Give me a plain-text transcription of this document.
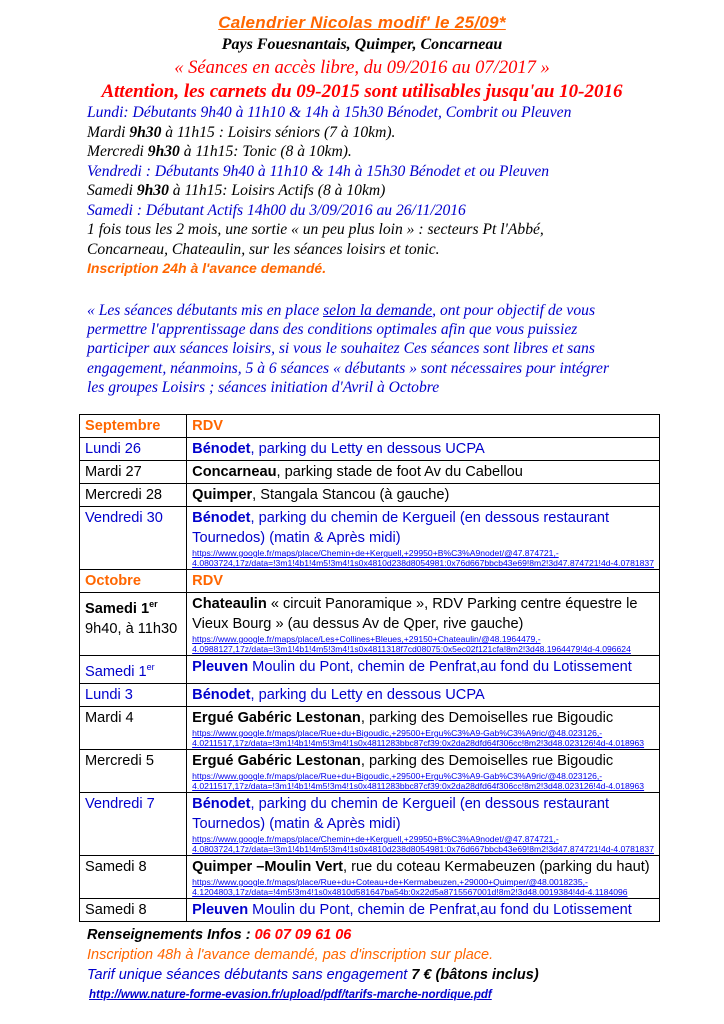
Calendrier Nicolas modif' le 25/09*
Pays Fouesnantais, Quimper, Concarneau
« Séances en accès libre, du 09/2016 au 07/2017 »
Attention, les carnets du 09-2015 sont utilisables jusqu'au 10-2016

Lundi: Débutants 9h40 à 11h10 & 14h à 15h30 Bénodet, Combrit ou Pleuven

Mardi 9h30 à 11h15 : Loisirs séniors (7 à 10km).

Mercredi 9h30 à 11h15: Tonic (8 à 10km).

Vendredi : Débutants 9h40 à 11h10 & 14h à 15h30 Bénodet et ou Pleuven

Samedi 9h30 à 11h15: Loisirs Actifs (8 à 10km)

Samedi : Débutant Actifs 14h00 du 3/09/2016 au 26/11/2016

1 fois tous les 2 mois, une sortie « un peu plus loin » : secteurs Pt l'Abbé,

Concarneau, Chateaulin, sur les séances loisirs et tonic.

Inscription 24h à l'avance demandé.

« Les séances débutants mis en place selon la demande, ont pour objectif de vous permettre l'apprentissage dans des conditions optimales afin que vous puissiez participer aux séances loisirs, si vous le souhaitez Ces séances sont libres et sans engagement, néanmoins, 5 à 6 séances « débutants » sont nécessaires pour intégrer les groupes Loisirs ; séances initiation d'Avril à Octobre
Septembre	RDV
Lundi 26	Bénodet, parking du Letty en dessous UCPA
Mardi 27	Concarneau, parking stade de foot Av du Cabellou
Mercredi 28	Quimper, Stangala Stancou (à gauche)
Vendredi 30	Bénodet, parking du chemin de Kergueil (en dessous restaurant Tournedos) (matin & Après midi)
https://www.google.fr/maps/place/Chemin+de+Kerguell,+29950+B%C3%A9nodet/@47.874721,-
4.0803724,17z/data=!3m1!4b1!4m5!3m4!1s0x4810d238d8054981:0x76d667bbcb43e69!8m2!3d47.874721!4d-4.0781837

Octobre	RDV
Samedi 1er
9h40, à 11h30	Chateaulin « circuit Panoramique », RDV Parking centre équestre le Vieux Bourg » (au dessus Av de Qper, rive gauche)
https://www.google.fr/maps/place/Les+Collines+Bleues,+29150+Chateaulin/@48.1964479,-
4.0988127,17z/data=!3m1!4b1!4m5!3m4!1s0x4811318f7cd08075:0x5ec02f121cfa!8m2!3d48.1964479!4d-4.096624

Samedi 1er	Pleuven Moulin du Pont, chemin de Penfrat,au fond du Lotissement
Lundi 3	Bénodet, parking du Letty en dessous UCPA
Mardi 4	Ergué Gabéric Lestonan, parking des Demoiselles rue Bigoudic
https://www.google.fr/maps/place/Rue+du+Bigoudic,+29500+Ergu%C3%A9-Gab%C3%A9ric/@48.023126,-
4.0211517,17z/data=!3m1!4b1!4m5!3m4!1s0x4811283bbc87cf39:0x2da28dfd64f306cc!8m2!3d48.023126!4d-4.018963

Mercredi 5	Ergué Gabéric Lestonan, parking des Demoiselles rue Bigoudic
https://www.google.fr/maps/place/Rue+du+Bigoudic,+29500+Ergu%C3%A9-Gab%C3%A9ric/@48.023126,-
4.0211517,17z/data=!3m1!4b1!4m5!3m4!1s0x4811283bbc87cf39:0x2da28dfd64f306cc!8m2!3d48.023126!4d-4.018963

Vendredi 7	Bénodet, parking du chemin de Kergueil (en dessous restaurant Tournedos) (matin & Après midi)
https://www.google.fr/maps/place/Chemin+de+Kerguell,+29950+B%C3%A9nodet/@47.874721,-
4.0803724,17z/data=!3m1!4b1!4m5!3m4!1s0x4810d238d8054981:0x76d667bbcb43e69!8m2!3d47.874721!4d-4.0781837

Samedi 8	Quimper –Moulin Vert, rue du coteau Kermabeuzen (parking du haut)
https://www.google.fr/maps/place/Rue+du+Coteau+de+Kermabeuzen,+29000+Quimper/@48.0018235,-
4.1204803,17z/data=!4m5!3m4!1s0x4810d581647ba54b:0x22d5a8715567001d!8m2!3d48.0019384!4d-4.1184096

Samedi 8	Pleuven Moulin du Pont, chemin de Penfrat,au fond du Lotissement
Renseignements Infos : 06 07 09 61 06
Inscription 48h à l'avance demandé, pas d'inscription sur place.
Tarif unique séances débutants sans engagement 7 € (bâtons inclus)
http://www.nature-forme-evasion.fr/upload/pdf/tarifs-marche-nordique.pdf
